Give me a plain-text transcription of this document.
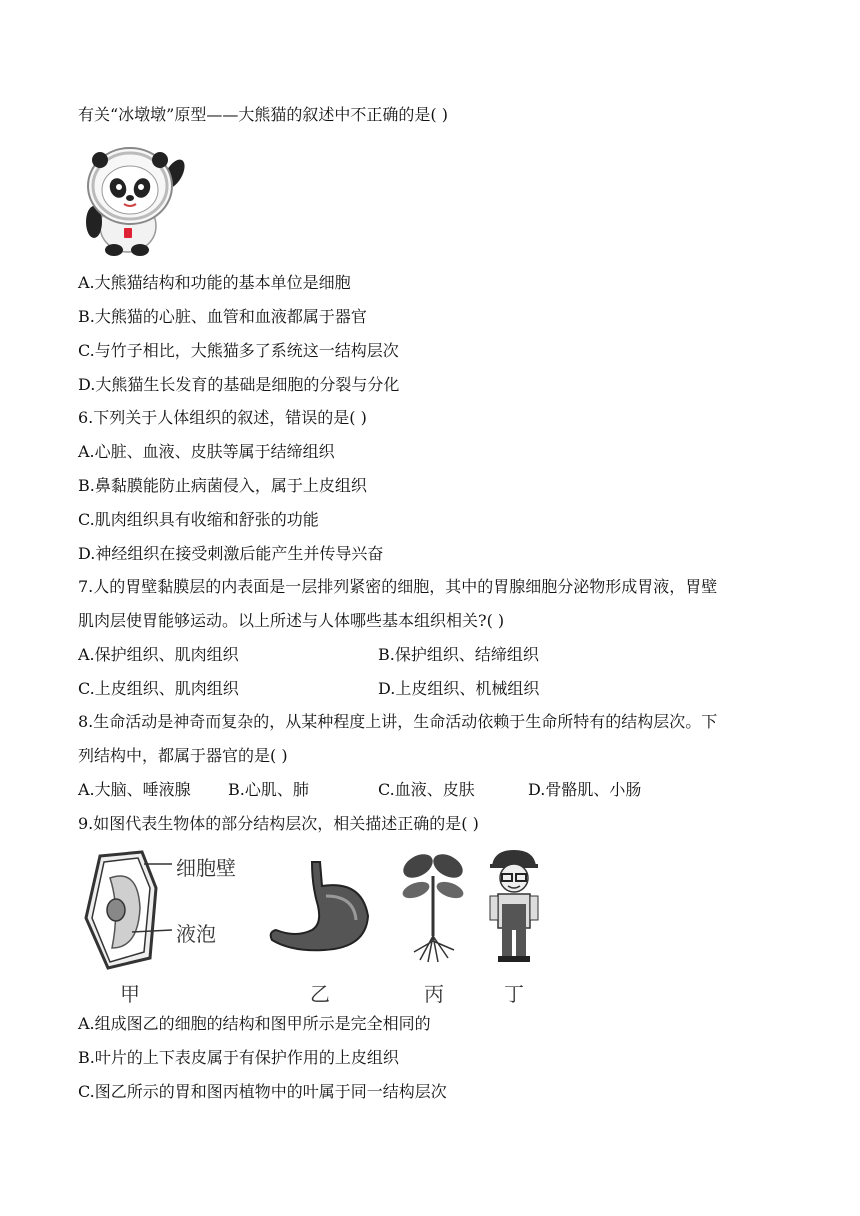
有关“冰墩墩”原型——大熊猫的叙述中不正确的是( )
A.大熊猫结构和功能的基本单位是细胞
B.大熊猫的心脏、血管和血液都属于器官
C.与竹子相比，大熊猫多了系统这一结构层次
D.大熊猫生长发育的基础是细胞的分裂与分化
6.下列关于人体组织的叙述，错误的是( )
A.心脏、血液、皮肤等属于结缔组织
B.鼻黏膜能防止病菌侵入，属于上皮组织
C.肌肉组织具有收缩和舒张的功能
D.神经组织在接受刺激后能产生并传导兴奋
7.人的胃壁黏膜层的内表面是一层排列紧密的细胞，其中的胃腺细胞分泌物形成胃液，胃壁
肌肉层使胃能够运动。以上所述与人体哪些基本组织相关?( )
A.保护组织、肌肉组织	B.保护组织、结缔组织
C.上皮组织、肌肉组织	D.上皮组织、机械组织
8.生命活动是神奇而复杂的，从某种程度上讲，生命活动依赖于生命所特有的结构层次。下
列结构中，都属于器官的是( )
A.大脑、唾液腺 B.心肌、肺	C.血液、皮肤	D.骨骼肌、小肠
9.如图代表生物体的部分结构层次，相关描述正确的是( )
细胞壁
液泡
甲	乙	丙	丁
A.组成图乙的细胞的结构和图甲所示是完全相同的
B.叶片的上下表皮属于有保护作用的上皮组织
C.图乙所示的胃和图丙植物中的叶属于同一结构层次
